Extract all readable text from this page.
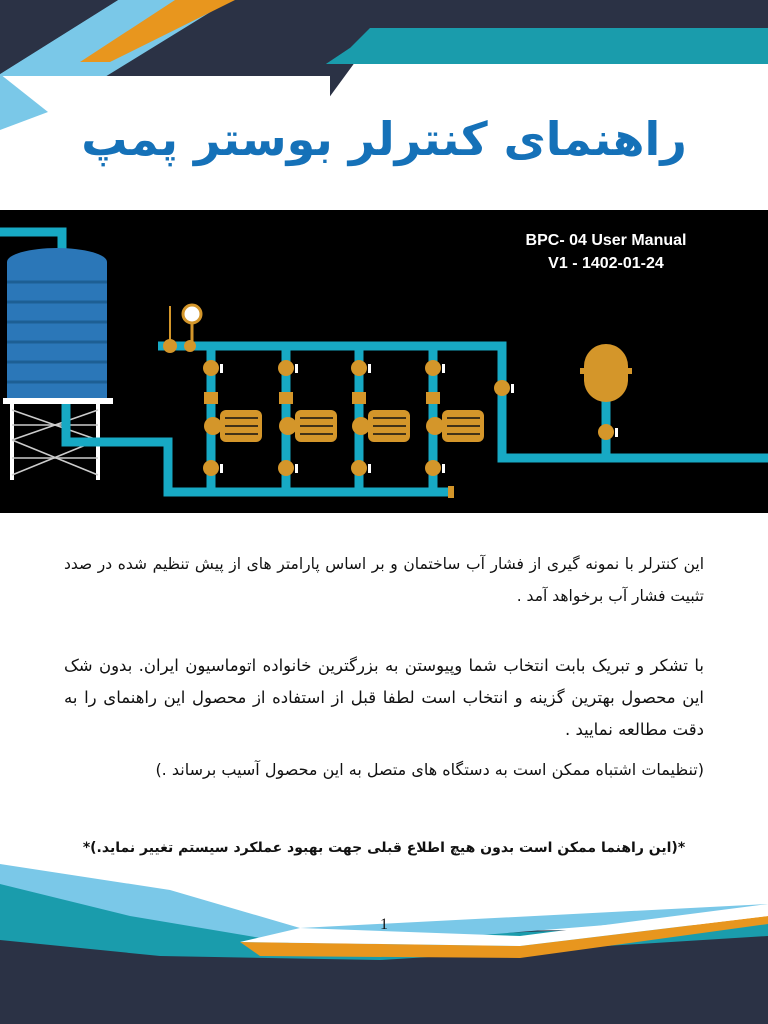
راهنمای کنترلر بوستر پمپ
BPC- 04 User Manual
V1 - 1402-01-24

این کنترلر با نمونه گیری از فشار آب ساختمان و بر اساس پارامتر های از پیش تنظیم شده در صدد تثبیت فشار آب برخواهد آمد .

با تشکر و تبریک بابت انتخاب شما وپیوستن به بزرگترین خانواده اتوماسیون ایران. بدون شک این محصول بهترین گزینه و انتخاب است لطفا قبل از استفاده از محصول این راهنمای را به دقت مطالعه نمایید .

(تنظیمات اشتباه ممکن است به دستگاه های متصل به این محصول آسیب برساند .)

*(این راهنما ممکن است بدون هیچ اطلاع قبلی جهت بهبود عملکرد سیستم تغییر نماید.)*

1
